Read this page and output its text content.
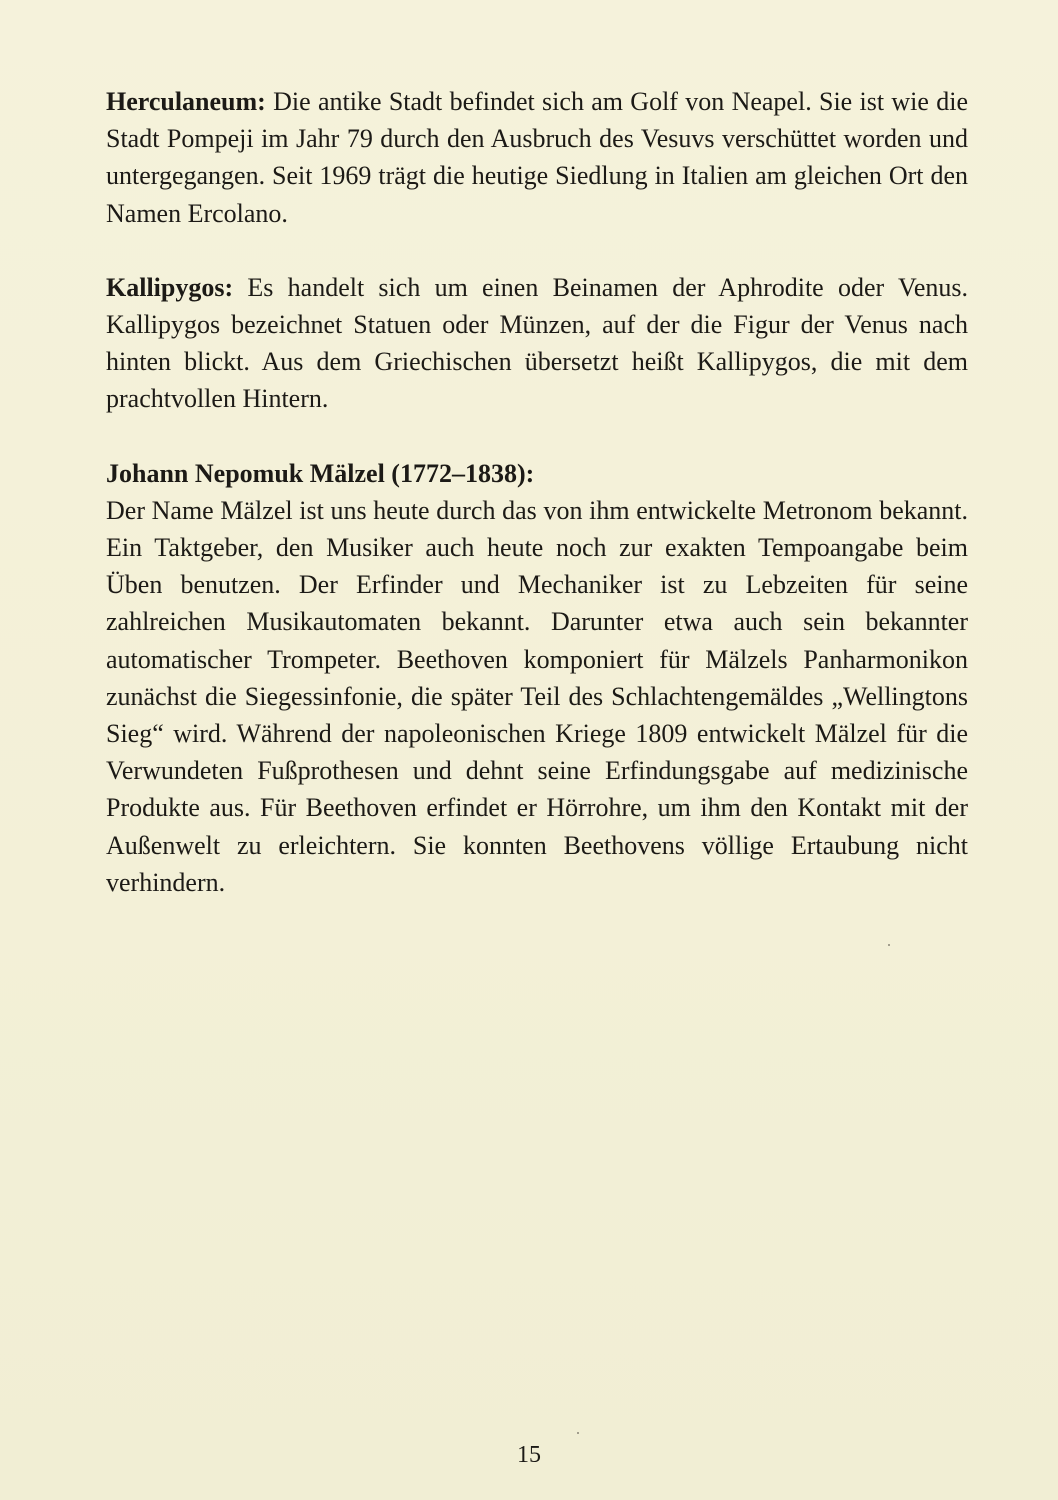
Herculaneum: Die antike Stadt befindet sich am Golf von Neapel. Sie ist wie die Stadt Pompeji im Jahr 79 durch den Ausbruch des Vesuvs verschüttet worden und untergegangen. Seit 1969 trägt die heutige Siedlung in Italien am gleichen Ort den Namen Ercolano.

Kallipygos: Es handelt sich um einen Beinamen der Aphrodite oder Venus. Kallipygos bezeichnet Statuen oder Münzen, auf der die Figur der Venus nach hinten blickt. Aus dem Griechischen übersetzt heißt Kallipygos, die mit dem prachtvollen Hintern.

Johann Nepomuk Mälzel (1772–1838):
Der Name Mälzel ist uns heute durch das von ihm entwickelte Metronom bekannt. Ein Taktgeber, den Musiker auch heute noch zur exakten Tempoangabe beim Üben benutzen. Der Erfinder und Mechaniker ist zu Lebzeiten für seine zahlreichen Musikautomaten bekannt. Darunter etwa auch sein bekannter automatischer Trompeter. Beethoven komponiert für Mälzels Panharmonikon zunächst die Siegessinfonie, die später Teil des Schlachtengemäldes „Wellingtons Sieg“ wird. Während der napoleonischen Kriege 1809 entwickelt Mälzel für die Verwundeten Fußprothesen und dehnt seine Erfindungsgabe auf medizinische Produkte aus. Für Beethoven erfindet er Hörrohre, um ihm den Kontakt mit der Außenwelt zu erleichtern. Sie konnten Beethovens völlige Ertaubung nicht verhindern.

15
